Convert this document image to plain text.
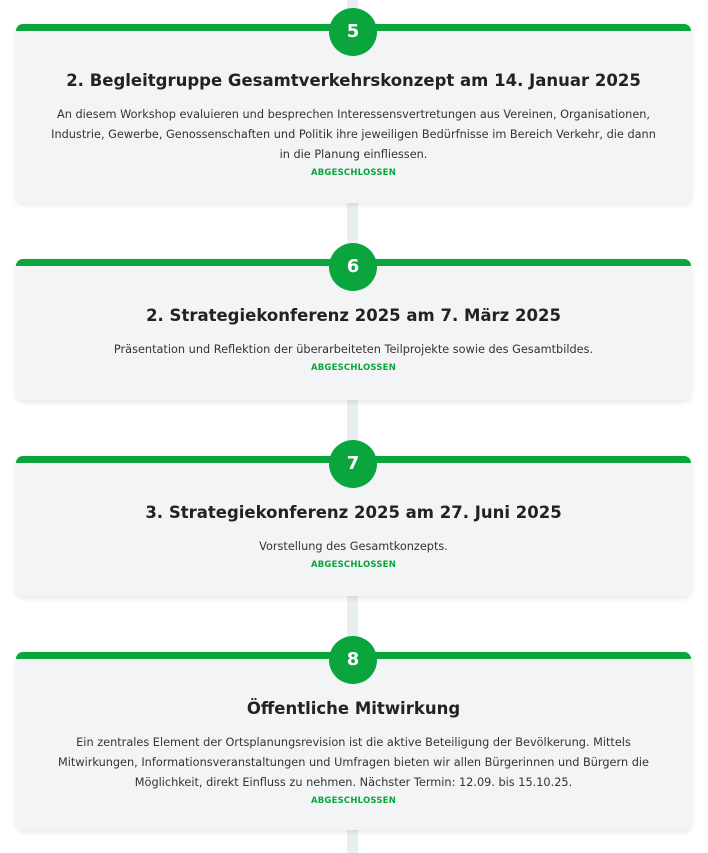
5
2. Begleitgruppe Gesamtverkehrskonzept am 14. Januar 2025
An diesem Workshop evaluieren und besprechen Interessensvertretungen aus Vereinen, Organisationen, Industrie, Gewerbe, Genossenschaften und Politik ihre jeweiligen Bedürfnisse im Bereich Verkehr, die dann in die Planung einfliessen.
ABGESCHLOSSEN
6
2. Strategiekonferenz 2025 am 7. März 2025
Präsentation und Reflektion der überarbeiteten Teilprojekte sowie des Gesamtbildes.
ABGESCHLOSSEN
7
3. Strategiekonferenz 2025 am 27. Juni 2025
Vorstellung des Gesamtkonzepts.
ABGESCHLOSSEN
8
Öffentliche Mitwirkung
Ein zentrales Element der Ortsplanungsrevision ist die aktive Beteiligung der Bevölkerung. Mittels Mitwirkungen, Informationsveranstaltungen und Umfragen bieten wir allen Bürgerinnen und Bürgern die Möglichkeit, direkt Einfluss zu nehmen. Nächster Termin: 12.09. bis 15.10.25.
ABGESCHLOSSEN
